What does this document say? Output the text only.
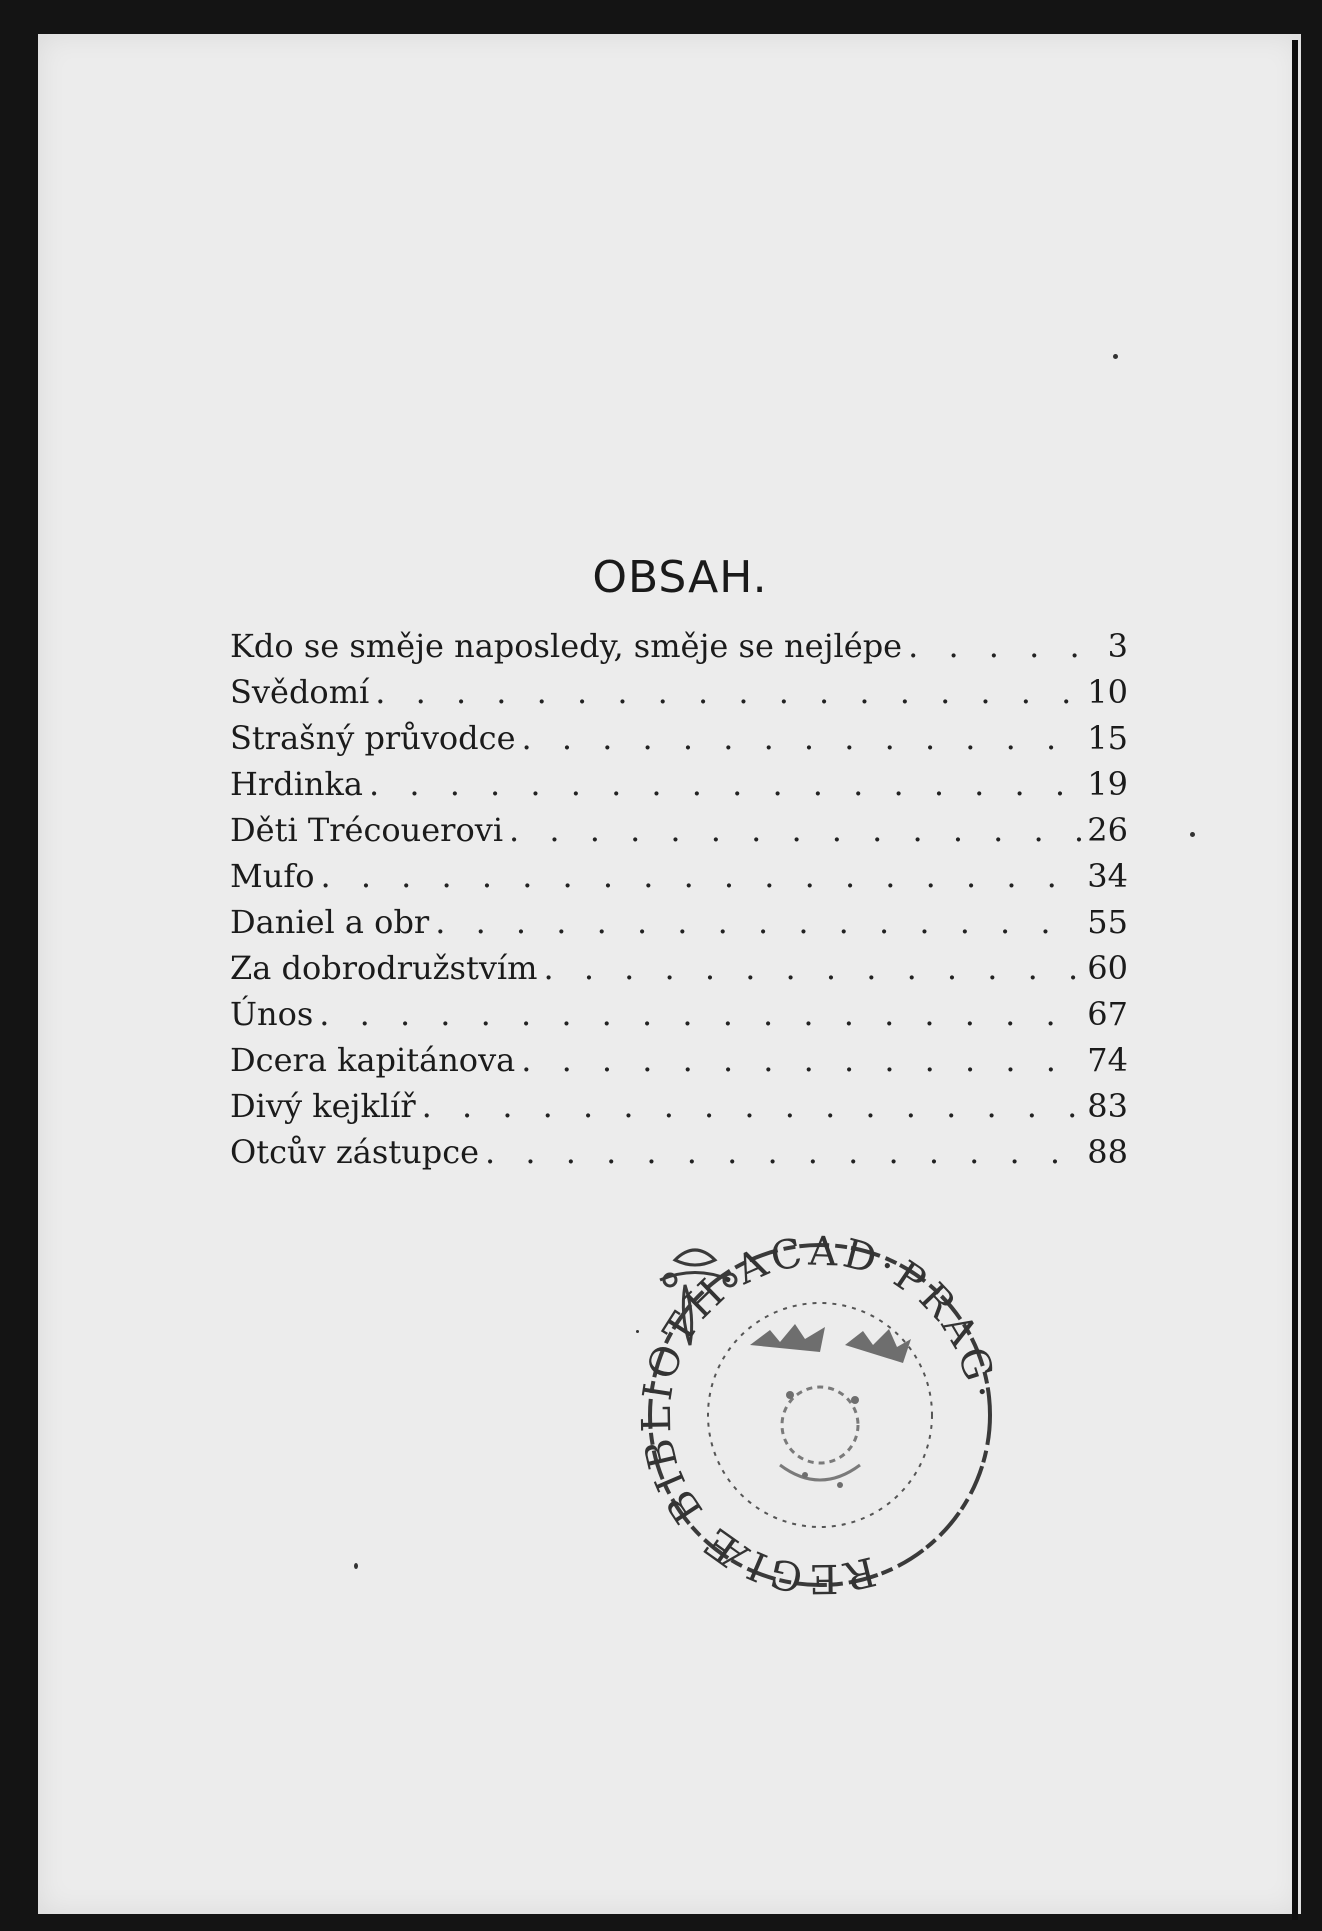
OBSAH.
Kdo se směje naposledy, směje se nejlépe . . .	3
Svědomí . . .	10
Strašný průvodce . . .	15
Hrdinka . . .	19
Děti Trécouerovi . . .	26
Mufo . . .	34
Daniel a obr . . .	55
Za dobrodružstvím . . .	60
Únos . . .	67
Dcera kapitánova . . .	74
Divý kejklíř . . .	83
Otcův zástupce . . .	88
REGIÆ BIBLIOTH·ACAD·PRAG·
